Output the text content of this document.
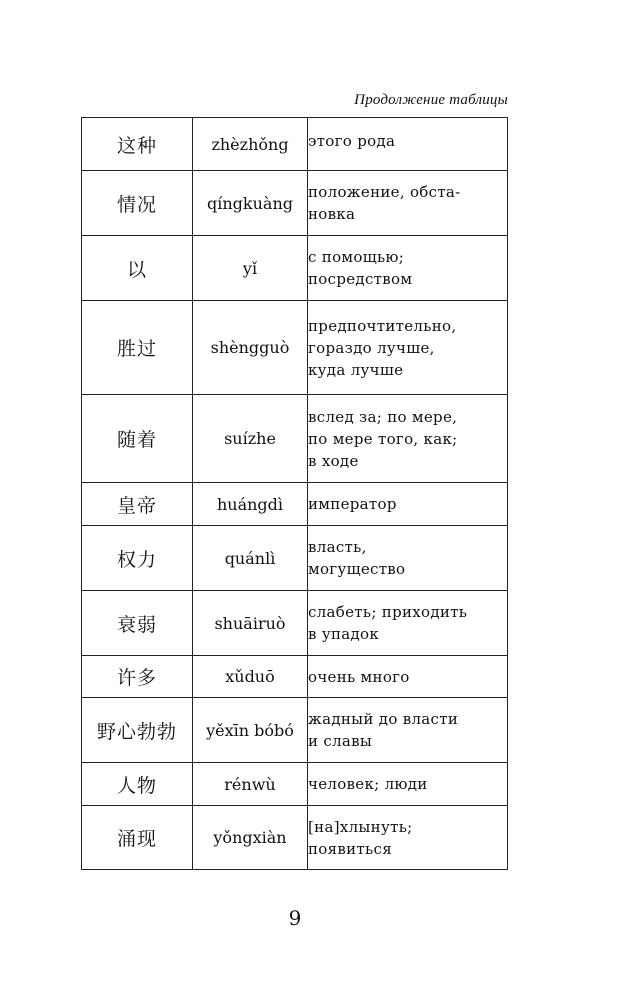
Продолжение таблицы
这种	zhèzhǒng	этого рода
情况	qíngkuàng	положение, обста-
новка
以	yǐ	с помощью;
посредством
胜过	shèngguò	предпочтительно,
гораздо лучше,
куда лучше
随着	suízhe	вслед за; по мере,
по мере того, как;
в ходе
皇帝	huángdì	император
权力	quánlì	власть,
могущество
衰弱	shuāiruò	слабеть; приходить
в упадок
许多	xǔduō	очень много
野心勃勃	yěxīn bóbó	жадный до власти
и славы
人物	rénwù	человек; люди
涌现	yǒngxiàn	[на]хлынуть;
появиться
9
